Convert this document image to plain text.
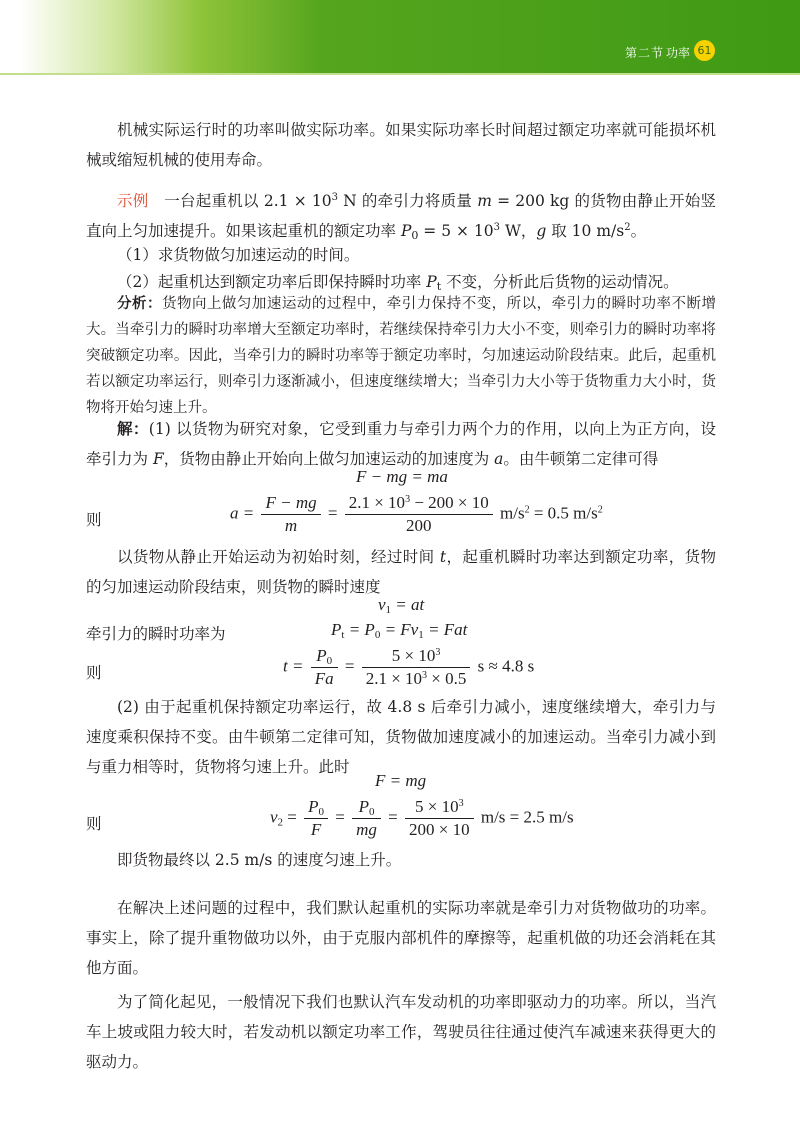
第二节 功率 61

机械实际运行时的功率叫做实际功率。如果实际功率长时间超过额定功率就可能损坏机械或缩短机械的使用寿命。

示例　 一台起重机以 $2.1 \times 10^3$ N 的牵引力将质量 m = 200 kg 的货物由静止开始竖直向上匀加速提升。如果该起重机的额定功率 $P_0 = 5 \times 10^3$ W，g 取 10 $m/s^2$。

（1）求货物做匀加速运动的时间。

（2）起重机达到额定功率后即保持瞬时功率 $P_t$ 不变，分析此后货物的运动情况。

分析：货物向上做匀加速运动的过程中，牵引力保持不变，所以，牵引力的瞬时功率不断增大。当牵引力的瞬时功率增大至额定功率时，若继续保持牵引力大小不变，则牵引力的瞬时功率将突破额定功率。因此，当牵引力的瞬时功率等于额定功率时，匀加速运动阶段结束。此后，起重机若以额定功率运行，则牵引力逐渐减小，但速度继续增大；当牵引力大小等于货物重力大小时，货物将开始匀速上升。

解：(1) 以货物为研究对象，它受到重力与牵引力两个力的作用，以向上为正方向，设牵引力为 F，货物由静止开始向上做匀加速运动的加速度为 a。由牛顿第二定律可得

F − mg = ma
则	$a = \frac{F - mg}{m} = \frac{2.1 \times 10^3 - 200 \times 10}{200} m/s^2 = 0.5$ $m/s^2$

以货物从静止开始运动为初始时刻，经过时间 t，起重机瞬时功率达到额定功率，货物的匀加速运动阶段结束，则货物的瞬时速度

$v_1$ = at
牵引力的瞬时功率为	$P_t = P_0 = Fv_1$ = Fat
则	$t = \frac{P_0}{Fa} = \frac{5 \times 10^3}{2.1 \times 10^3 \times 0.5}$ s ≈ 4.8 s

(2) 由于起重机保持额定功率运行，故 4.8 s 后牵引力减小，速度继续增大，牵引力与速度乘积保持不变。由牛顿第二定律可知，货物做加速度减小的加速运动。当牵引力减小到与重力相等时，货物将匀速上升。此时

F = mg
则	$v_2 = \frac{P_0}{F} = \frac{P_0}{mg} = \frac{5 \times 10^3}{200 \times 10} m/s = 2.5$ m/s

即货物最终以 2.5 m/s 的速度匀速上升。

在解决上述问题的过程中，我们默认起重机的实际功率就是牵引力对货物做功的功率。事实上，除了提升重物做功以外，由于克服内部机件的摩擦等，起重机做的功还会消耗在其他方面。

为了简化起见，一般情况下我们也默认汽车发动机的功率即驱动力的功率。所以，当汽车上坡或阻力较大时，若发动机以额定功率工作，驾驶员往往通过使汽车减速来获得更大的驱动力。
